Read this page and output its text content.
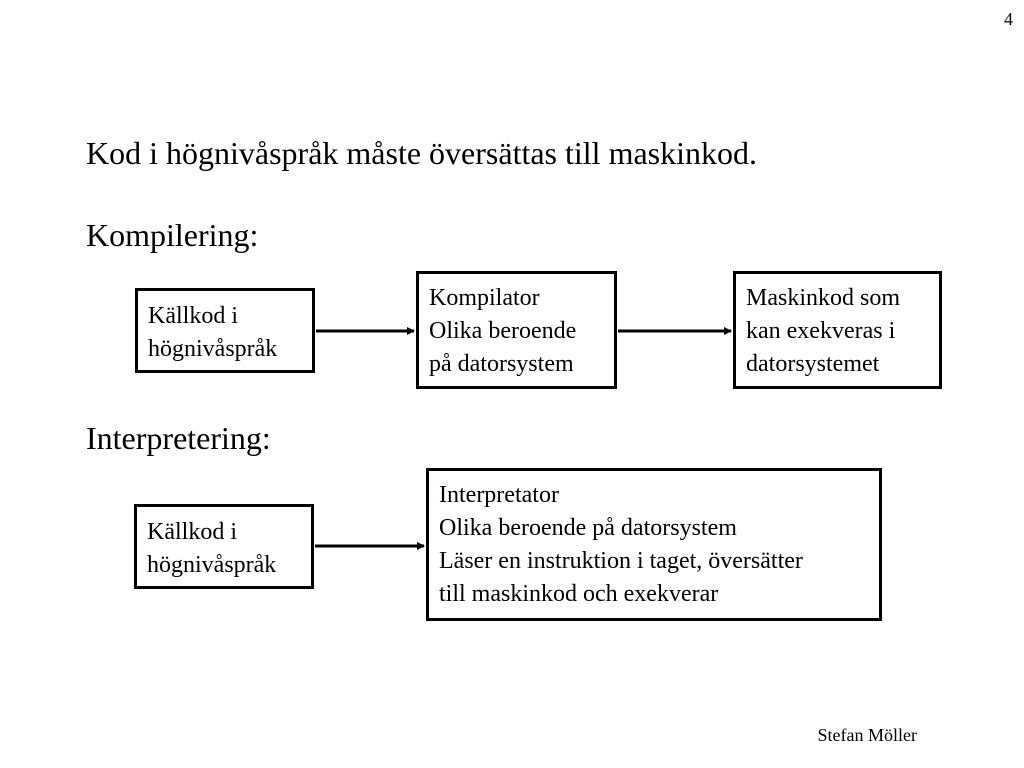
4
Kod i högnivåspråk måste översättas till maskinkod.
Kompilering:
Källkod i
högnivåspråk
Kompilator
Olika beroende
på datorsystem
Maskinkod som
kan exekveras i
datorsystemet
Interpretering:
Källkod i
högnivåspråk
Interpretator
Olika beroende på datorsystem
Läser en instruktion i taget, översätter
till maskinkod och exekverar
Stefan Möller
